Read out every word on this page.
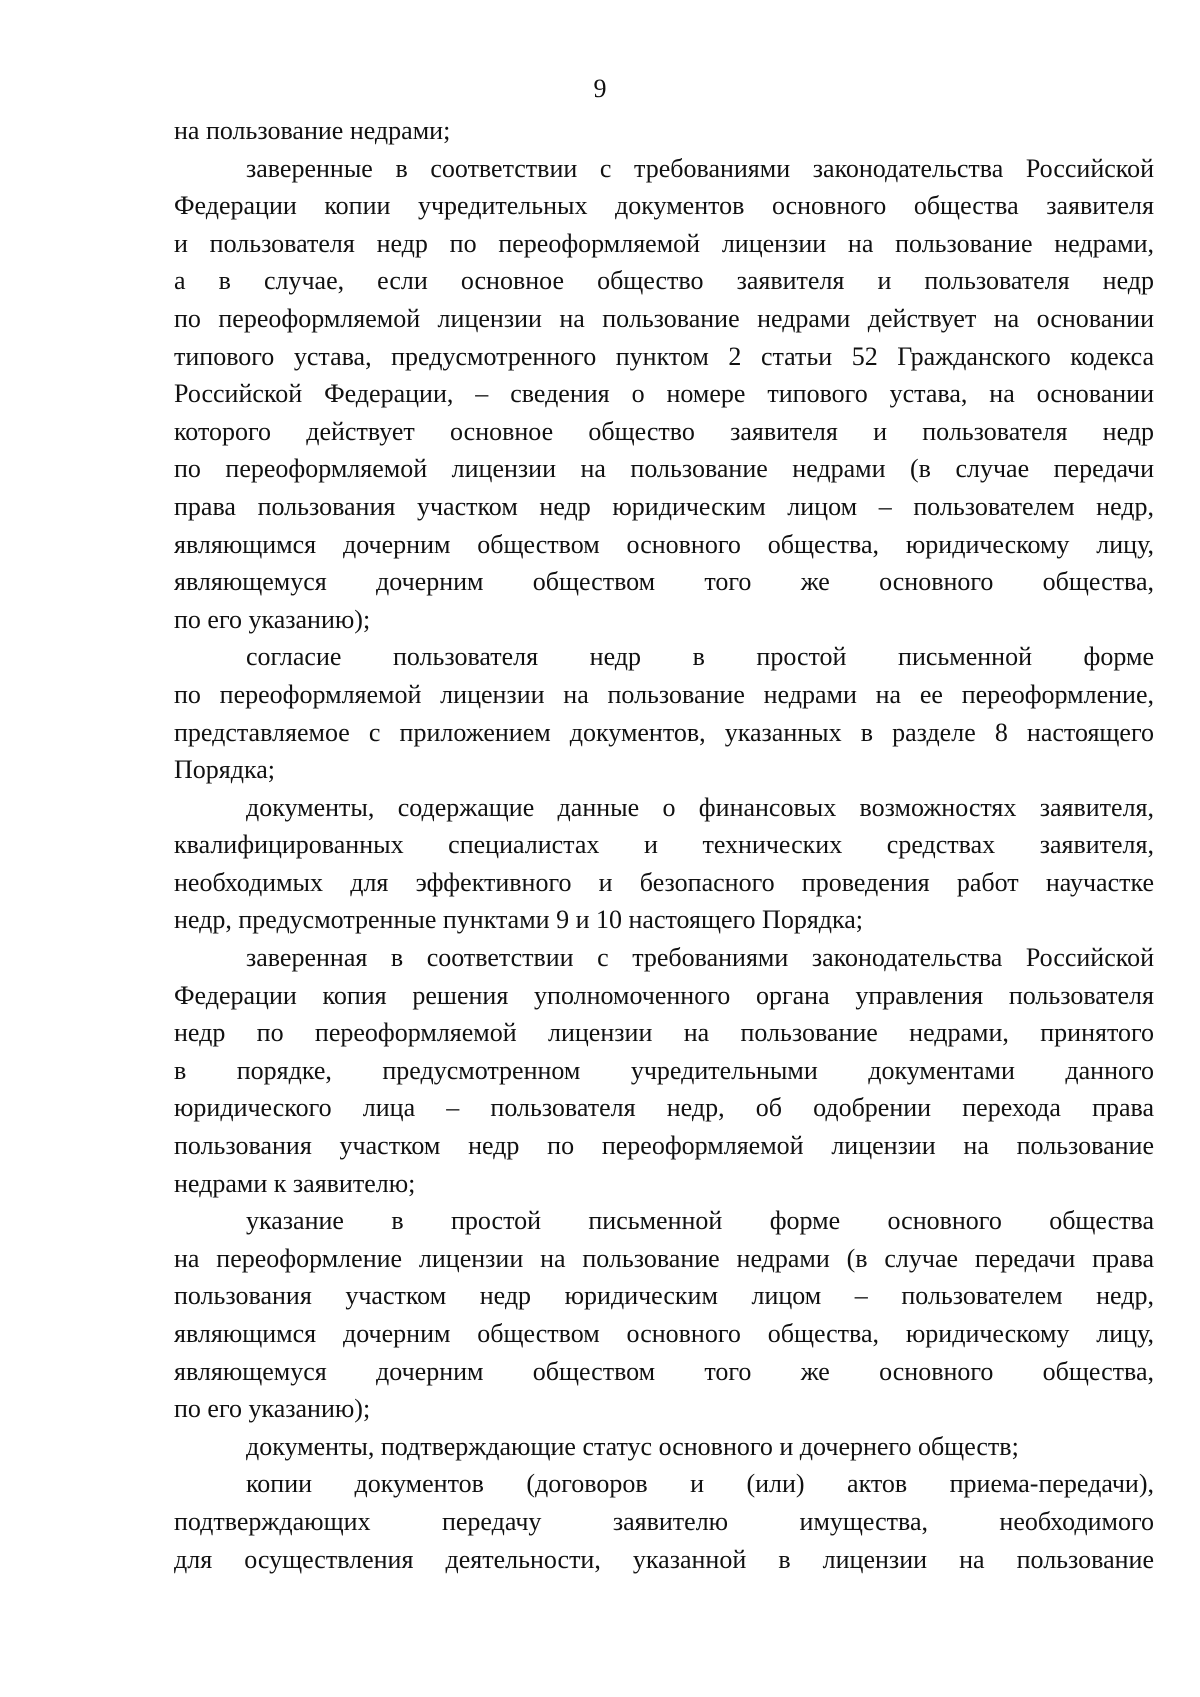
9
на пользование недрами;
заверенные в соответствии с требованиями законодательства Российской
Федерации копии учредительных документов основного общества заявителя
и пользователя недр по переоформляемой лицензии на пользование недрами,
а в случае, если основное общество заявителя и пользователя недр
по переоформляемой лицензии на пользование недрами действует на основании
типового устава, предусмотренного пунктом 2 статьи 52 Гражданского кодекса
Российской Федерации, – сведения о номере типового устава, на основании
которого действует основное общество заявителя и пользователя недр
по переоформляемой лицензии на пользование недрами (в случае передачи
права пользования участком недр юридическим лицом – пользователем недр,
являющимся дочерним обществом основного общества, юридическому лицу,
являющемуся дочерним обществом того же основного общества,
по его указанию);
согласие пользователя недр в простой письменной форме
по переоформляемой лицензии на пользование недрами на ее переоформление,
представляемое с приложением документов, указанных в разделе 8 настоящего
Порядка;
документы, содержащие данные о финансовых возможностях заявителя,
квалифицированных специалистах и технических средствах заявителя,
необходимых для эффективного и безопасного проведения работ научастке
недр, предусмотренные пунктами 9 и 10 настоящего Порядка;
заверенная в соответствии с требованиями законодательства Российской
Федерации копия решения уполномоченного органа управления пользователя
недр по переоформляемой лицензии на пользование недрами, принятого
в порядке, предусмотренном учредительными документами данного
юридического лица – пользователя недр, об одобрении перехода права
пользования участком недр по переоформляемой лицензии на пользование
недрами к заявителю;
указание в простой письменной форме основного общества
на переоформление лицензии на пользование недрами (в случае передачи права
пользования участком недр юридическим лицом – пользователем недр,
являющимся дочерним обществом основного общества, юридическому лицу,
являющемуся дочерним обществом того же основного общества,
по его указанию);
документы, подтверждающие статус основного и дочернего обществ;
копии документов (договоров и (или) актов приема-передачи),
подтверждающих передачу заявителю имущества, необходимого
для осуществления деятельности, указанной в лицензии на пользование
